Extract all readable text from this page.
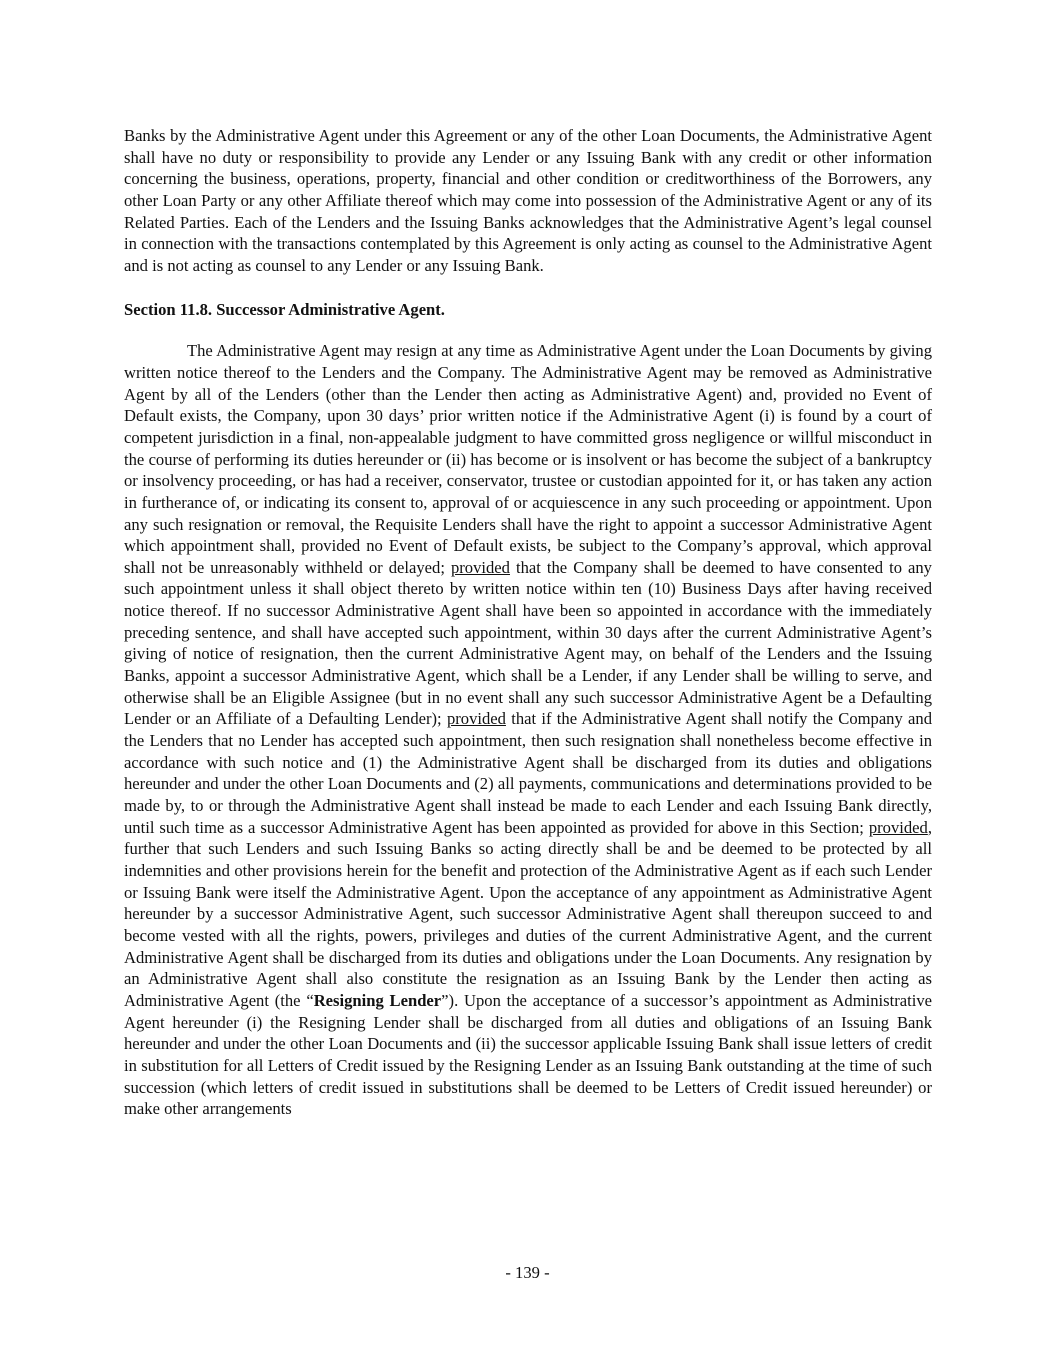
Banks by the Administrative Agent under this Agreement or any of the other Loan Documents, the Administrative Agent shall have no duty or responsibility to provide any Lender or any Issuing Bank with any credit or other information concerning the business, operations, property, financial and other condition or creditworthiness of the Borrowers, any other Loan Party or any other Affiliate thereof which may come into possession of the Administrative Agent or any of its Related Parties. Each of the Lenders and the Issuing Banks acknowledges that the Administrative Agent’s legal counsel in connection with the transactions contemplated by this Agreement is only acting as counsel to the Administrative Agent and is not acting as counsel to any Lender or any Issuing Bank.

Section 11.8. Successor Administrative Agent.

The Administrative Agent may resign at any time as Administrative Agent under the Loan Documents by giving written notice thereof to the Lenders and the Company. The Administrative Agent may be removed as Administrative Agent by all of the Lenders (other than the Lender then acting as Administrative Agent) and, provided no Event of Default exists, the Company, upon 30 days’ prior written notice if the Administrative Agent (i) is found by a court of competent jurisdiction in a final, non-appealable judgment to have committed gross negligence or willful misconduct in the course of performing its duties hereunder or (ii) has become or is insolvent or has become the subject of a bankruptcy or insolvency proceeding, or has had a receiver, conservator, trustee or custodian appointed for it, or has taken any action in furtherance of, or indicating its consent to, approval of or acquiescence in any such proceeding or appointment. Upon any such resignation or removal, the Requisite Lenders shall have the right to appoint a successor Administrative Agent which appointment shall, provided no Event of Default exists, be subject to the Company’s approval, which approval shall not be unreasonably withheld or delayed; provided that the Company shall be deemed to have consented to any such appointment unless it shall object thereto by written notice within ten (10) Business Days after having received notice thereof. If no successor Administrative Agent shall have been so appointed in accordance with the immediately preceding sentence, and shall have accepted such appointment, within 30 days after the current Administrative Agent’s giving of notice of resignation, then the current Administrative Agent may, on behalf of the Lenders and the Issuing Banks, appoint a successor Administrative Agent, which shall be a Lender, if any Lender shall be willing to serve, and otherwise shall be an Eligible Assignee (but in no event shall any such successor Administrative Agent be a Defaulting Lender or an Affiliate of a Defaulting Lender); provided that if the Administrative Agent shall notify the Company and the Lenders that no Lender has accepted such appointment, then such resignation shall nonetheless become effective in accordance with such notice and (1) the Administrative Agent shall be discharged from its duties and obligations hereunder and under the other Loan Documents and (2) all payments, communications and determinations provided to be made by, to or through the Administrative Agent shall instead be made to each Lender and each Issuing Bank directly, until such time as a successor Administrative Agent has been appointed as provided for above in this Section; provided, further that such Lenders and such Issuing Banks so acting directly shall be and be deemed to be protected by all indemnities and other provisions herein for the benefit and protection of the Administrative Agent as if each such Lender or Issuing Bank were itself the Administrative Agent. Upon the acceptance of any appointment as Administrative Agent hereunder by a successor Administrative Agent, such successor Administrative Agent shall thereupon succeed to and become vested with all the rights, powers, privileges and duties of the current Administrative Agent, and the current Administrative Agent shall be discharged from its duties and obligations under the Loan Documents. Any resignation by an Administrative Agent shall also constitute the resignation as an Issuing Bank by the Lender then acting as Administrative Agent (the “Resigning Lender”). Upon the acceptance of a successor’s appointment as Administrative Agent hereunder (i) the Resigning Lender shall be discharged from all duties and obligations of an Issuing Bank hereunder and under the other Loan Documents and (ii) the successor applicable Issuing Bank shall issue letters of credit in substitution for all Letters of Credit issued by the Resigning Lender as an Issuing Bank outstanding at the time of such succession (which letters of credit issued in substitutions shall be deemed to be Letters of Credit issued hereunder) or make other arrangements

- 139 -
